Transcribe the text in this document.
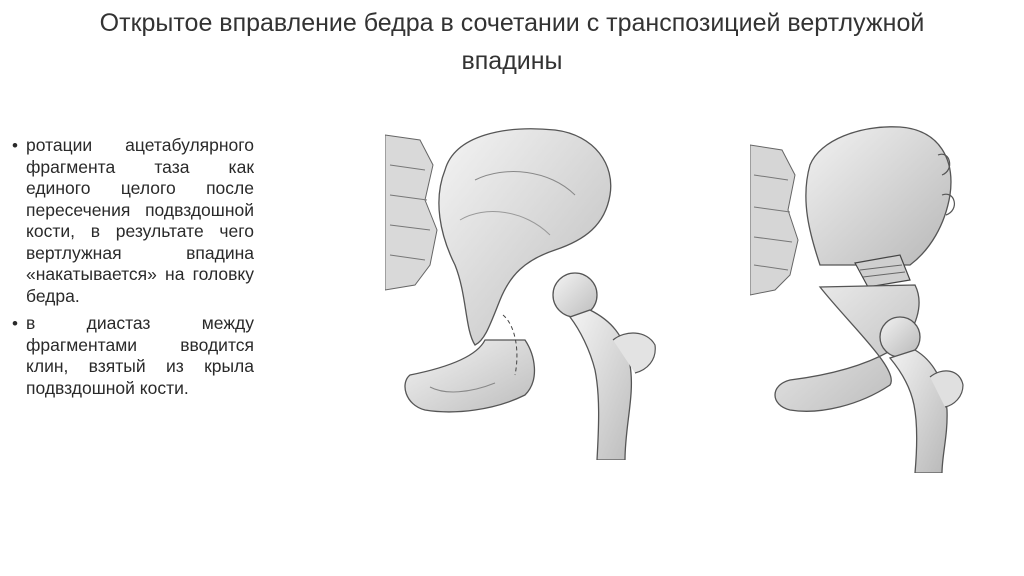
Открытое вправление бедра в сочетании с транспозицией вертлужной впадины
• ротации ацетабулярного фрагмента таза как единого целого после пересечения подвздошной кости, в результате чего вертлужная впадина «накатывается» на головку бедра.
• в диастаз между фрагментами вводится клин, взятый из крыла подвздошной кости.
